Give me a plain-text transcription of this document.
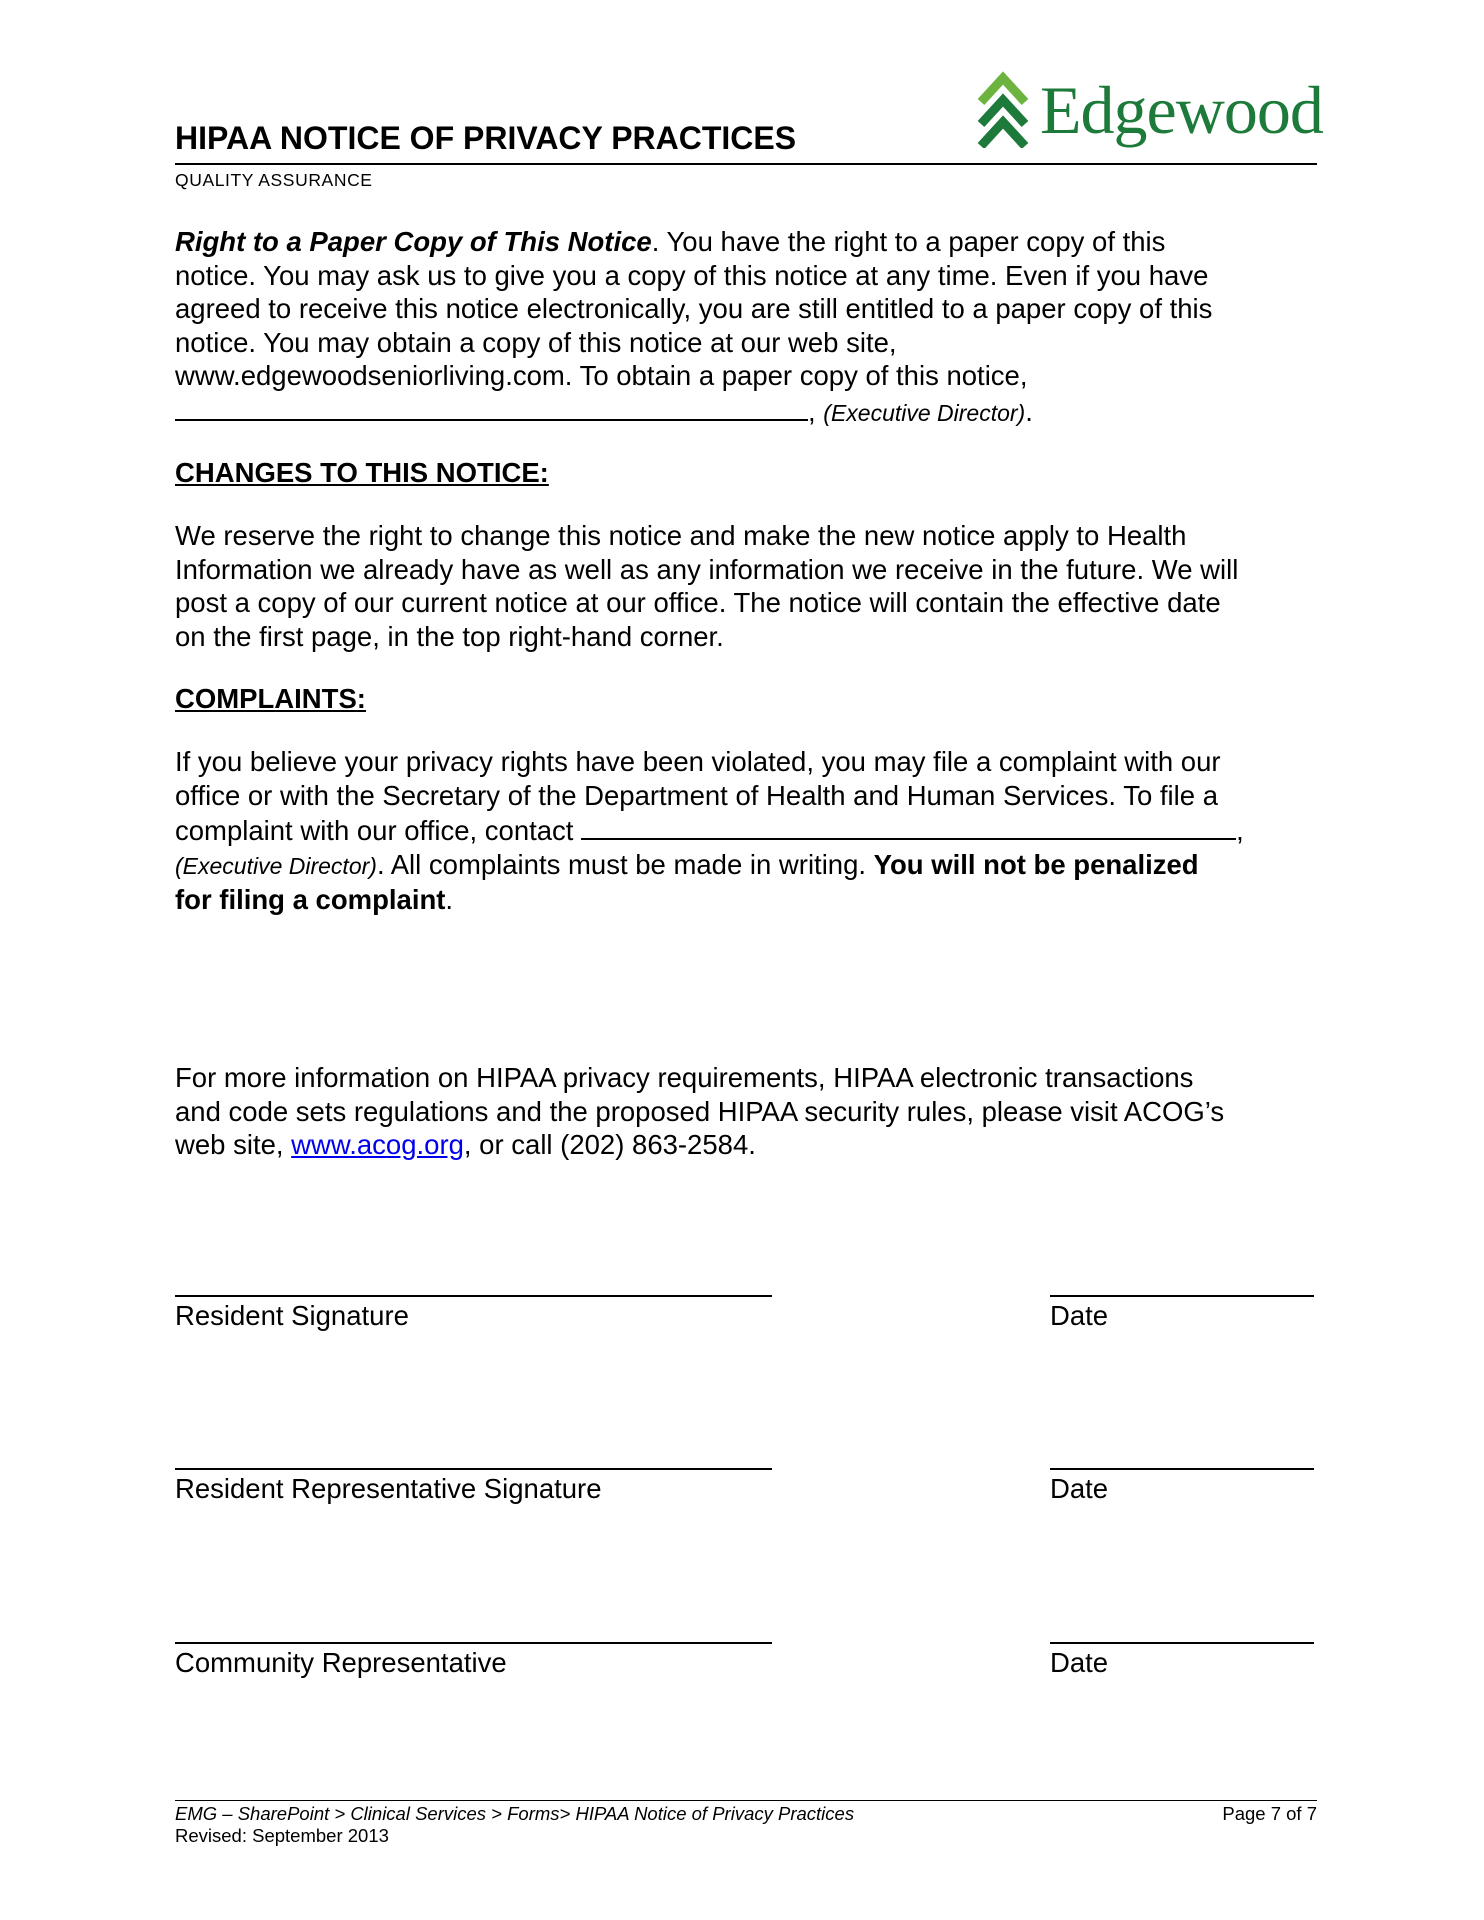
Edgewood
HIPAA NOTICE OF PRIVACY PRACTICES
QUALITY ASSURANCE

Right to a Paper Copy of This Notice. You have the right to a paper copy of this

notice. You may ask us to give you a copy of this notice at any time. Even if you have

agreed to receive this notice electronically, you are still entitled to a paper copy of this

notice. You may obtain a copy of this notice at our web site,

www.edgewoodseniorliving.com. To obtain a paper copy of this notice,

, (Executive Director).

CHANGES TO THIS NOTICE:

We reserve the right to change this notice and make the new notice apply to Health

Information we already have as well as any information we receive in the future. We will

post a copy of our current notice at our office. The notice will contain the effective date

on the first page, in the top right-hand corner.

COMPLAINTS:

If you believe your privacy rights have been violated, you may file a complaint with our

office or with the Secretary of the Department of Health and Human Services. To file a

complaint with our office, contact	,

(Executive Director). All complaints must be made in writing. You will not be penalized

for filing a complaint.

For more information on HIPAA privacy requirements, HIPAA electronic transactions

and code sets regulations and the proposed HIPAA security rules, please visit ACOG’s

web site, www.acog.org, or call (202) 863-2584.

Resident Signature	Date
Resident Representative Signature	Date
Community Representative	Date
EMG – SharePoint > Clinical Services > Forms> HIPAA Notice of Privacy Practices
Revised: September 2013
Page 7 of 7
